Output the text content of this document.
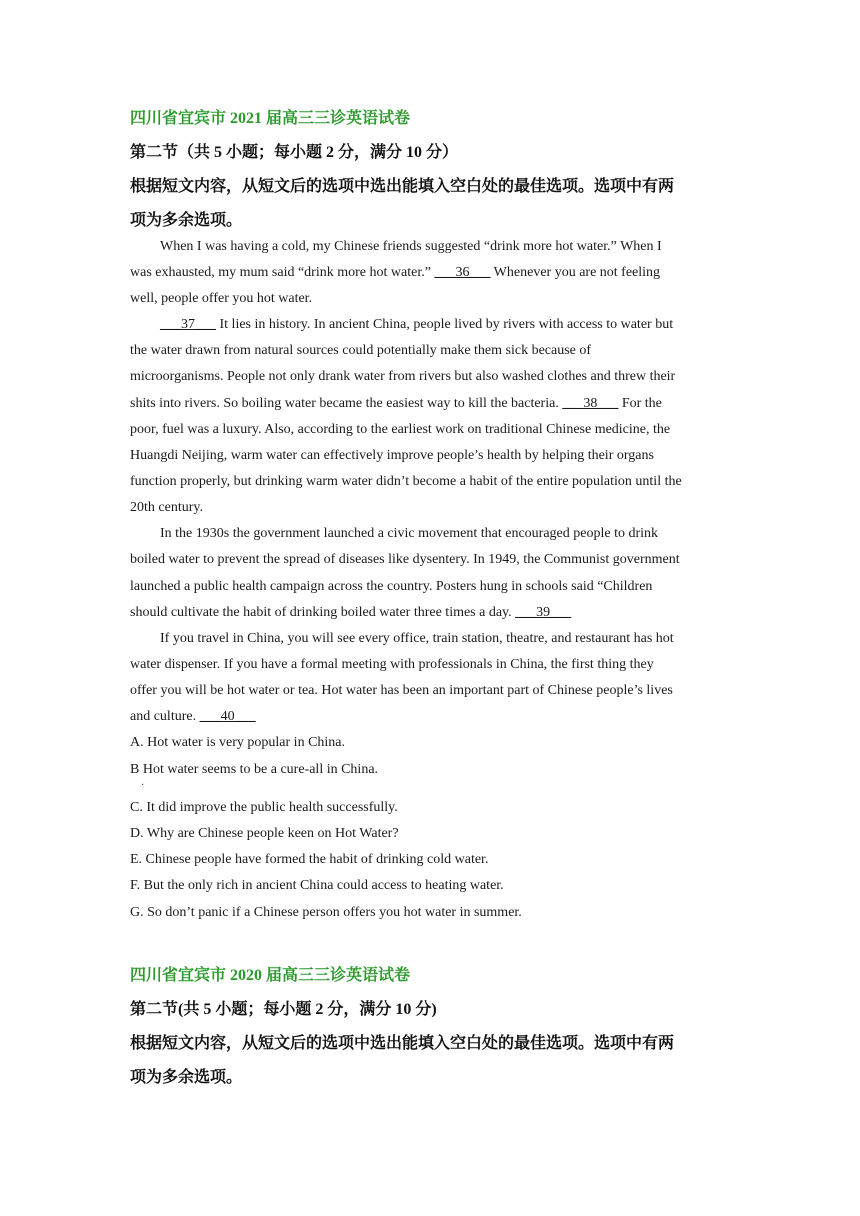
四川省宜宾市 2021 届高三三诊英语试卷
第二节（共 5 小题；每小题 2 分，满分 10 分）
根据短文内容，从短文后的选项中选出能填入空白处的最佳选项。选项中有两
项为多余选项。
When I was having a cold, my Chinese friends suggested “drink more hot water.” When I
was exhausted, my mum said “drink more hot water.” ___36___ Whenever you are not feeling
well, people offer you hot water.
___37___ It lies in history. In ancient China, people lived by rivers with access to water but
the water drawn from natural sources could potentially make them sick because of
microorganisms. People not only drank water from rivers but also washed clothes and threw their
shits into rivers. So boiling water became the easiest way to kill the bacteria. ___38___ For the
poor, fuel was a luxury. Also, according to the earliest work on traditional Chinese medicine, the
Huangdi Neijing, warm water can effectively improve people’s health by helping their organs
function properly, but drinking warm water didn’t become a habit of the entire population until the
20th century.
In the 1930s the government launched a civic movement that encouraged people to drink
boiled water to prevent the spread of diseases like dysentery. In 1949, the Communist government
launched a public health campaign across the country. Posters hung in schools said “Children
should cultivate the habit of drinking boiled water three times a day. ___39___
If you travel in China, you will see every office, train station, theatre, and restaurant has hot
water dispenser. If you have a formal meeting with professionals in China, the first thing they
offer you will be hot water or tea. Hot water has been an important part of Chinese people’s lives
and culture. ___40___
A. Hot water is very popular in China.
B Hot water seems to be a cure-all in China.
·
C. It did improve the public health successfully.
D. Why are Chinese people keen on Hot Water?
E. Chinese people have formed the habit of drinking cold water.
F. But the only rich in ancient China could access to heating water.
G. So don’t panic if a Chinese person offers you hot water in summer.
四川省宜宾市 2020 届高三三诊英语试卷
第二节(共 5 小题；每小题 2 分，满分 10 分)
根据短文内容，从短文后的选项中选出能填入空白处的最佳选项。选项中有两
项为多余选项。
